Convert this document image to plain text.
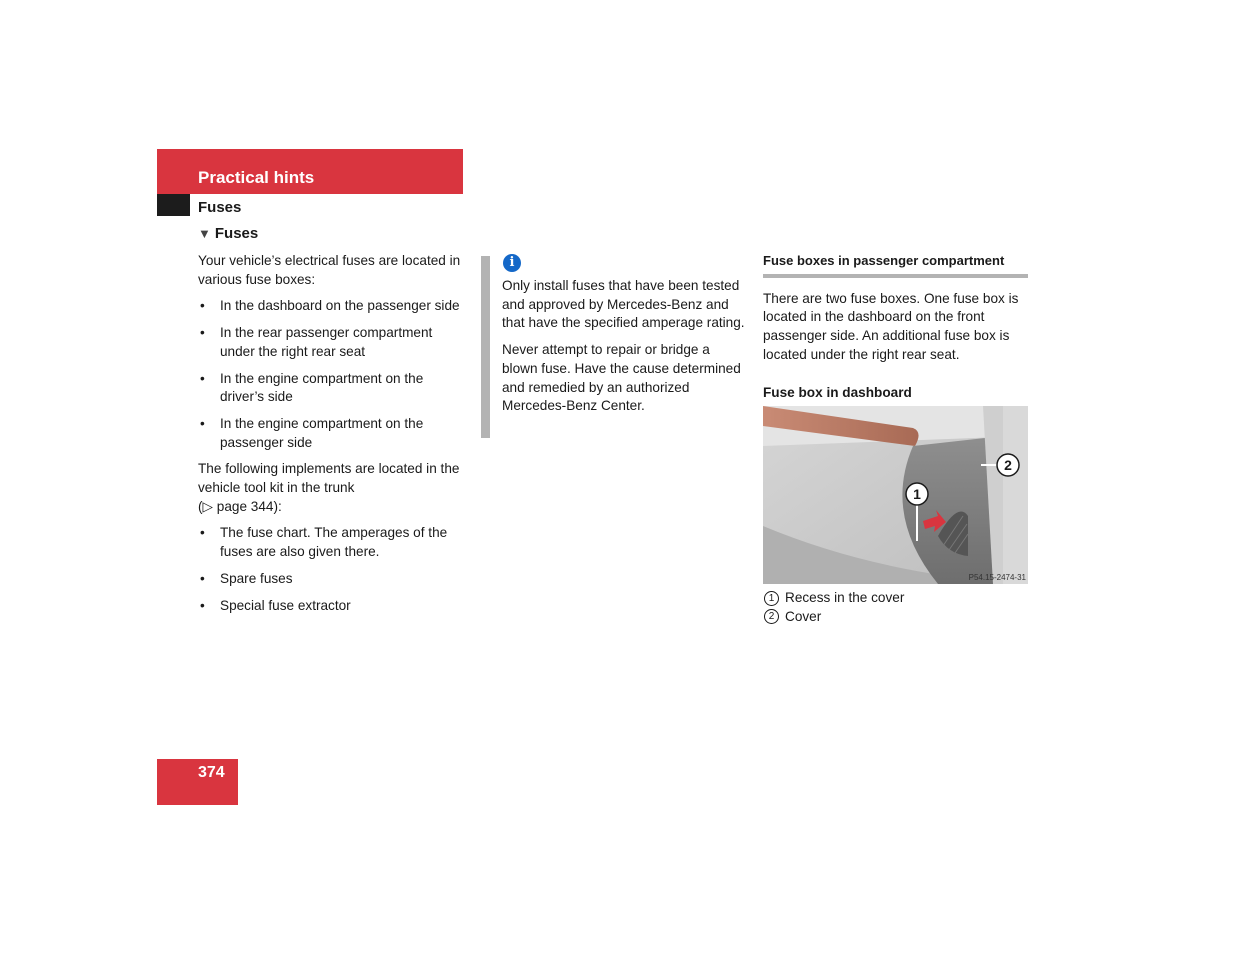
Practical hints
Fuses
▼ Fuses

Your vehicle’s electrical fuses are located in various fuse boxes:

• In the dashboard on the passenger side
• In the rear passenger compartment under the right rear seat
• In the engine compartment on the driver’s side
• In the engine compartment on the passenger side

The following implements are located in the vehicle tool kit in the trunk
(▷ page 344):

• The fuse chart. The amperages of the fuses are also given there.
• Spare fuses
• Special fuse extractor
i

Only install fuses that have been tested and approved by Mercedes-Benz and that have the specified amperage rating.

Never attempt to repair or bridge a blown fuse. Have the cause determined and remedied by an authorized Mercedes-Benz Center.

Fuse boxes in passenger compartment

There are two fuse boxes. One fuse box is located in the dashboard on the front passenger side. An additional fuse box is located under the right rear seat.

Fuse box in dashboard
1
2
P54.15-2474-31
1 Recess in the cover
2 Cover
374
